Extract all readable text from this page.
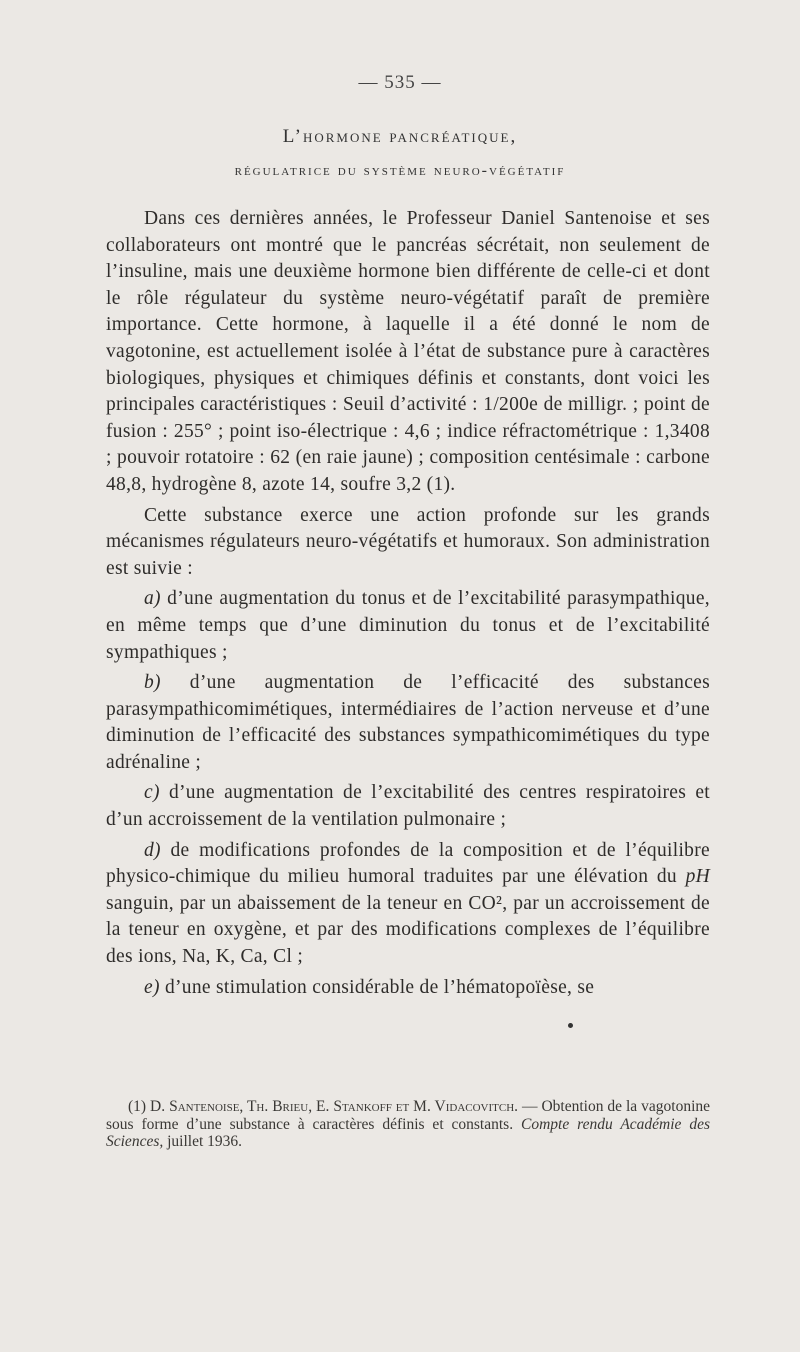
— 535 —
L’hormone pancréatique,
régulatrice du système neuro-végétatif

Dans ces dernières années, le Professeur Daniel Santenoise et ses collaborateurs ont montré que le pancréas sécrétait, non seulement de l’insuline, mais une deuxième hormone bien différente de celle-ci et dont le rôle régulateur du système neuro-végétatif paraît de première importance. Cette hormone, à laquelle il a été donné le nom de vagotonine, est actuellement isolée à l’état de substance pure à caractères biologiques, physiques et chimiques définis et constants, dont voici les principales caractéristiques : Seuil d’activité : 1/200e de milligr. ; point de fusion : 255° ; point iso-électrique : 4,6 ; indice réfractométrique : 1,3408 ; pouvoir rotatoire : 62 (en raie jaune) ; composition centésimale : carbone 48,8, hydrogène 8, azote 14, soufre 3,2 (1).

Cette substance exerce une action profonde sur les grands mécanismes régulateurs neuro-végétatifs et humoraux. Son administration est suivie :

a) d’une augmentation du tonus et de l’excitabilité parasympathique, en même temps que d’une diminution du tonus et de l’excitabilité sympathiques ;

b) d’une augmentation de l’efficacité des substances parasympathicomimétiques, intermédiaires de l’action nerveuse et d’une diminution de l’efficacité des substances sympathicomimétiques du type adrénaline ;

c) d’une augmentation de l’excitabilité des centres respiratoires et d’un accroissement de la ventilation pulmonaire ;

d) de modifications profondes de la composition et de l’équilibre physico-chimique du milieu humoral traduites par une élévation du pH sanguin, par un abaissement de la teneur en CO², par un accroissement de la teneur en oxygène, et par des modifications complexes de l’équilibre des ions, Na, K, Ca, Cl ;

e) d’une stimulation considérable de l’hématopoïèse, se

(1) D. Santenoise, Th. Brieu, E. Stankoff et M. Vidacovitch. — Obtention de la vagotonine sous forme d’une substance à caractères définis et constants. Compte rendu Académie des Sciences, juillet 1936.
